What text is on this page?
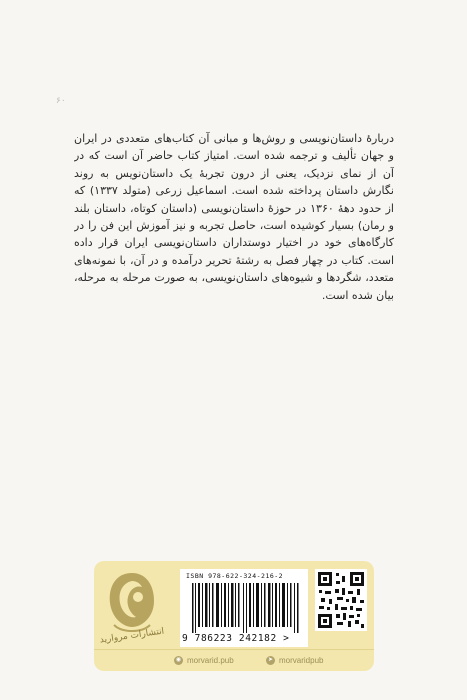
۶۰
دربارهٔ داستان‌نویسی و روش‌ها و مبانی آن کتاب‌های متعددی در ایران
و جهان تألیف و ترجمه شده است. امتیاز کتاب حاضر آن است که در
آن از نمای نزدیک، یعنی از درون تجربهٔ یک داستان‌نویس به روند
نگارش داستان پرداخته شده است. اسماعیل زرعی (متولد ۱۳۳۷) که
از حدود دههٔ ۱۳۶۰ در حوزهٔ داستان‌نویسی (داستان کوتاه، داستان بلند
و رمان) بسیار کوشیده است، حاصل تجربه و نیز آموزش این فن را در
کارگاه‌های خود در اختیار دوستداران داستان‌نویسی ایران قرار داده
است. کتاب در چهار فصل به رشتهٔ تحریر درآمده و در آن، با نمونه‌های
متعدد، شگردها و شیوه‌های داستان‌نویسی، به صورت مرحله به مرحله،
بیان شده است.
انتشارات مروارید
ISBN 978-622-324-216-2
9 786223 242182 >
◉ morvarid.pub	➤ morvaridpub
